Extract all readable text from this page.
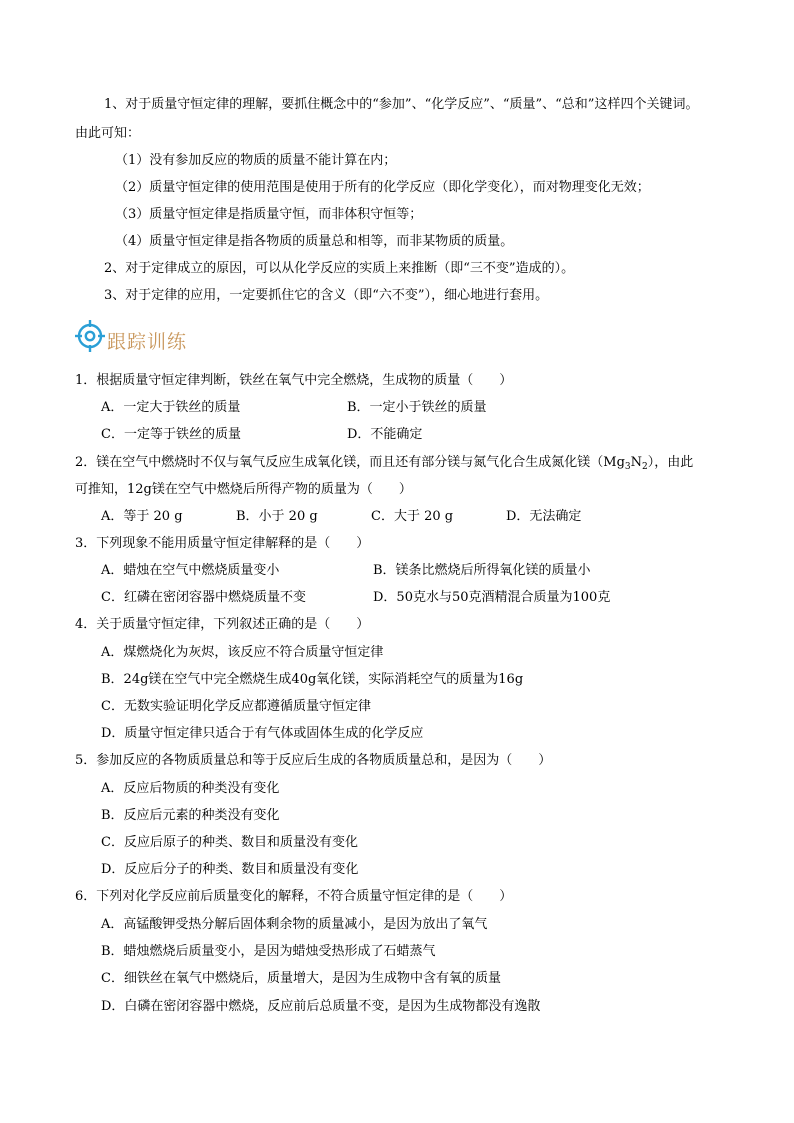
1、对于质量守恒定律的理解，要抓住概念中的“参加”、“化学反应”、“质量”、“总和”这样四个关键词。
由此可知：
（1）没有参加反应的物质的质量不能计算在内；
（2）质量守恒定律的使用范围是使用于所有的化学反应（即化学变化），而对物理变化无效；
（3）质量守恒定律是指质量守恒，而非体积守恒等；
（4）质量守恒定律是指各物质的质量总和相等，而非某物质的质量。
2、对于定律成立的原因，可以从化学反应的实质上来推断（即“三不变”造成的）。
3、对于定律的应用，一定要抓住它的含义（即“六不变”），细心地进行套用。
跟踪训练
1．根据质量守恒定律判断，铁丝在氧气中完全燃烧，生成物的质量（　　）
A．一定大于铁丝的质量	B．一定小于铁丝的质量
C．一定等于铁丝的质量	D．不能确定
2．镁在空气中燃烧时不仅与氧气反应生成氧化镁，而且还有部分镁与氮气化合生成氮化镁$(Mg_3N_2)$，由此
可推知，12g镁在空气中燃烧后所得产物的质量为（　　）
A．等于 20 g	B．小于 20 g	C．大于 20 g	D．无法确定
3．下列现象不能用质量守恒定律解释的是（　　）
A．蜡烛在空气中燃烧质量变小	B．镁条比燃烧后所得氧化镁的质量小
C．红磷在密闭容器中燃烧质量不变	D．50克水与50克酒精混合质量为100克
4．关于质量守恒定律，下列叙述正确的是（　　）
A．煤燃烧化为灰烬，该反应不符合质量守恒定律
B．24g镁在空气中完全燃烧生成40g氧化镁，实际消耗空气的质量为16g
C．无数实验证明化学反应都遵循质量守恒定律
D．质量守恒定律只适合于有气体或固体生成的化学反应
5．参加反应的各物质质量总和等于反应后生成的各物质质量总和，是因为（　　）
A．反应后物质的种类没有变化
B．反应后元素的种类没有变化
C．反应后原子的种类、数目和质量没有变化
D．反应后分子的种类、数目和质量没有变化
6．下列对化学反应前后质量变化的解释，不符合质量守恒定律的是（　　）
A．高锰酸钾受热分解后固体剩余物的质量减小，是因为放出了氧气
B．蜡烛燃烧后质量变小，是因为蜡烛受热形成了石蜡蒸气
C．细铁丝在氧气中燃烧后，质量增大，是因为生成物中含有氧的质量
D．白磷在密闭容器中燃烧，反应前后总质量不变，是因为生成物都没有逸散
